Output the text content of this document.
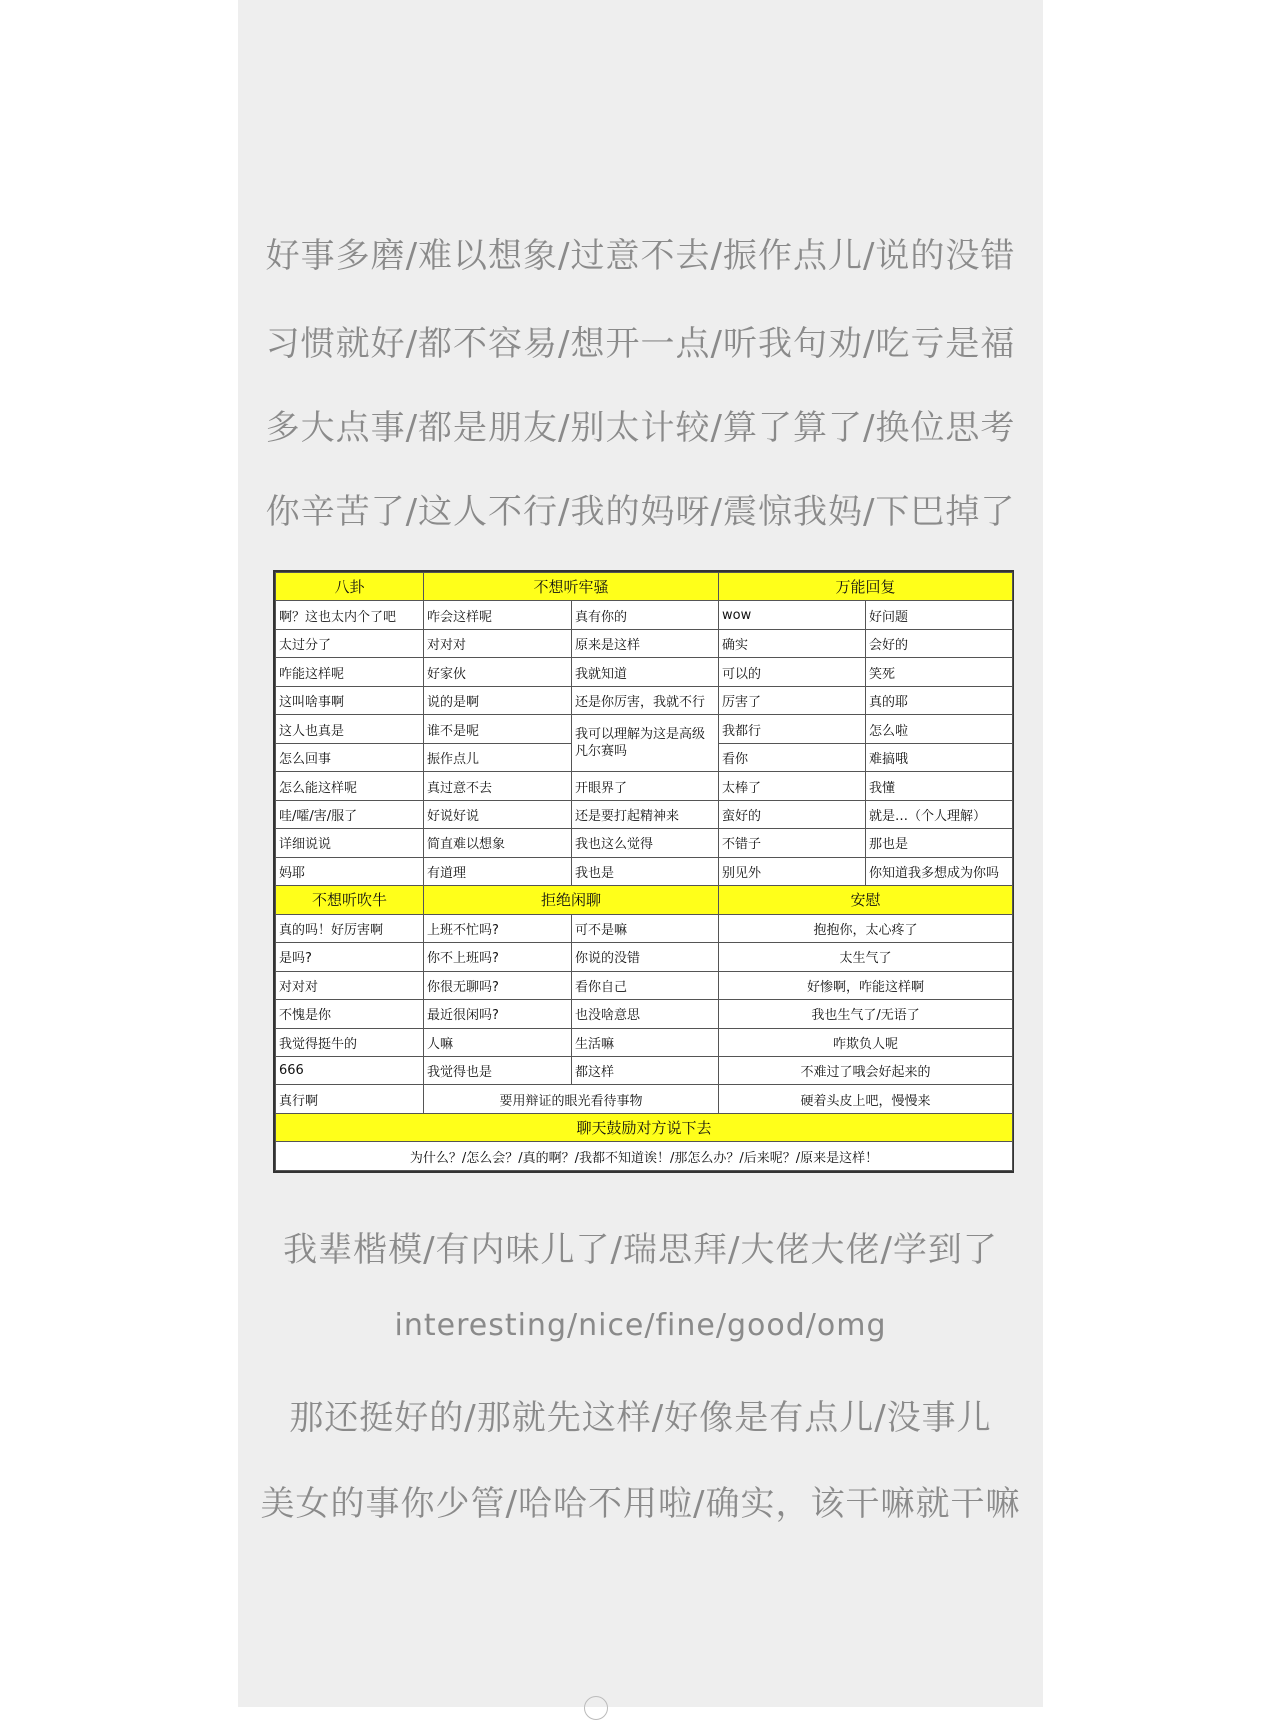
好事多磨/难以想象/过意不去/振作点儿/说的没错
习惯就好/都不容易/想开一点/听我句劝/吃亏是福
多大点事/都是朋友/别太计较/算了算了/换位思考
你辛苦了/这人不行/我的妈呀/震惊我妈/下巴掉了
八卦	不想听牢骚		万能回复	
啊？这也太内个了吧	咋会这样呢	真有你的	wow	好问题
太过分了	对对对	原来是这样	确实	会好的
咋能这样呢	好家伙	我就知道	可以的	笑死
这叫啥事啊	说的是啊	还是你厉害，我就不行	厉害了	真的耶
这人也真是	谁不是呢	我可以理解为这是高级凡尔赛吗	我都行	怎么啦
怎么回事	振作点儿		看你	难搞哦
怎么能这样呢	真过意不去	开眼界了	太棒了	我懂
哇/嚯/害/服了	好说好说	还是要打起精神来	蛮好的	就是…（个人理解）
详细说说	简直难以想象	我也这么觉得	不错子	那也是
妈耶	有道理	我也是	别见外	你知道我多想成为你吗
不想听吹牛	拒绝闲聊		安慰	
真的吗！好厉害啊	上班不忙吗?	可不是嘛	抱抱你，太心疼了	
是吗?	你不上班吗?	你说的没错	太生气了	
对对对	你很无聊吗?	看你自己	好惨啊，咋能这样啊	
不愧是你	最近很闲吗?	也没啥意思	我也生气了/无语了	
我觉得挺牛的	人嘛	生活嘛	咋欺负人呢	
666	我觉得也是	都这样	不难过了哦会好起来的	
真行啊	要用辩证的眼光看待事物		硬着头皮上吧，慢慢来	
聊天鼓励对方说下去				
为什么？/怎么会？/真的啊？/我都不知道诶！/那怎么办？/后来呢？/原来是这样！				
我辈楷模/有内味儿了/瑞思拜/大佬大佬/学到了
interesting/nice/fine/good/omg
那还挺好的/那就先这样/好像是有点儿/没事儿
美女的事你少管/哈哈不用啦/确实，该干嘛就干嘛
